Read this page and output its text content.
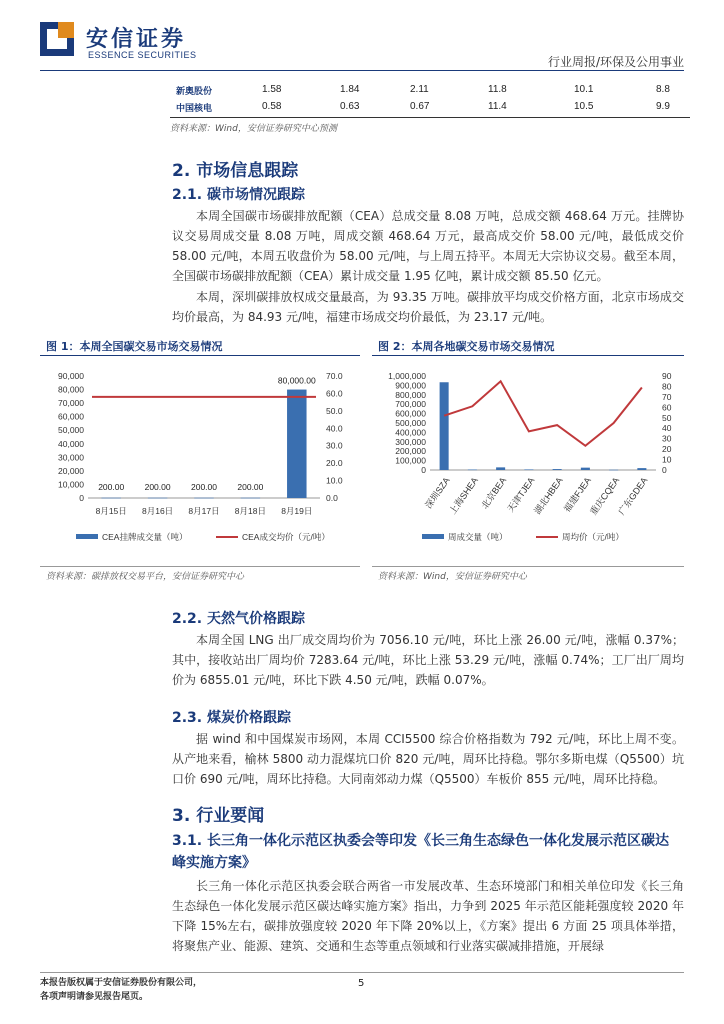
安信证券
ESSENCE SECURITIES	行业周报/环保及公用事业
新奥股份	1.58	1.84	2.11	11.8	10.1	8.8
中国核电	0.58	0.63	0.67	11.4	10.5	9.9
资料来源：Wind，安信证券研究中心预测
2. 市场信息跟踪
2.1. 碳市场情况跟踪
本周全国碳市场碳排放配额（CEA）总成交量 8.08 万吨，总成交额 468.64 万元。挂牌协议交易周成交量 8.08 万吨，周成交额 468.64 万元，最高成交价 58.00 元/吨，最低成交价 58.00 元/吨，本周五收盘价为 58.00 元/吨，与上周五持平。本周无大宗协议交易。截至本周，全国碳市场碳排放配额（CEA）累计成交量 1.95 亿吨，累计成交额 85.50 亿元。
本周，深圳碳排放权成交量最高，为 93.35 万吨。碳排放平均成交价格方面，北京市场成交均价最高，为 84.93 元/吨，福建市场成交均价最低，为 23.17 元/吨。
图 1：本周全国碳交易市场交易情况	图 2：本周各地碳交易市场交易情况
0
10,000
20,000
30,000
40,000
50,000
60,000
70,000
80,000
90,000
0.0
10.0
20.0
30.0
40.0
50.0
60.0
70.0
200.00 200.00 200.00 200.00
80,000.00
8月15日 8月16日 8月17日 8月18日 8月19日
CEA挂牌成交量（吨）	CEA成交均价（元/吨）
0
100,000
200,000
300,000
400,000
500,000
600,000
700,000
800,000
900,000
1,000,000
0
10
20
30
40
50
60
70
80
90
深圳SZA
上海SHEA 北京BEA
天津TJEA
湖北HBEA
福建FJEA
重庆CQEA
广东GDEA
周成交量（吨）	周均价（元/吨）
资料来源：碳排放权交易平台，安信证券研究中心	资料来源：Wind，安信证券研究中心
2.2. 天然气价格跟踪
本周全国 LNG 出厂成交周均价为 7056.10 元/吨，环比上涨 26.00 元/吨，涨幅 0.37%；其中，接收站出厂周均价 7283.64 元/吨，环比上涨 53.29 元/吨，涨幅 0.74%；工厂出厂周均价为 6855.01 元/吨，环比下跌 4.50 元/吨，跌幅 0.07%。
2.3. 煤炭价格跟踪
据 wind 和中国煤炭市场网，本周 CCI5500 综合价格指数为 792 元/吨，环比上周不变。从产地来看，榆林 5800 动力混煤坑口价 820 元/吨，周环比持稳。鄂尔多斯电煤（Q5500）坑口价 690 元/吨，周环比持稳。大同南郊动力煤（Q5500）车板价 855 元/吨，周环比持稳。
3. 行业要闻
3.1. 长三角一体化示范区执委会等印发《长三角生态绿色一体化发展示范区碳达
峰实施方案》
长三角一体化示范区执委会联合两省一市发展改革、生态环境部门和相关单位印发《长三角生态绿色一体化发展示范区碳达峰实施方案》指出，力争到 2025 年示范区能耗强度较 2020 年下降 15%左右，碳排放强度较 2020 年下降 20%以上，《方案》提出 6 方面 25 项具体举措，将聚焦产业、能源、建筑、交通和生态等重点领域和行业落实碳减排措施，开展绿
本报告版权属于安信证券股份有限公司，
各项声明请参见报告尾页。
5
